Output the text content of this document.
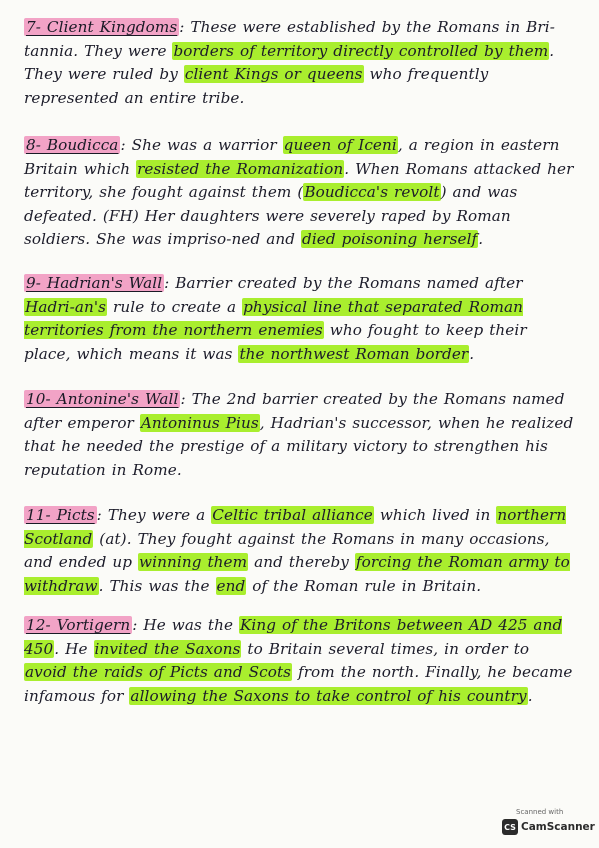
7- Client Kingdoms : These were established by the Romans in Bri-tannia. They were borders of territory directly controlled by them. They were ruled by client Kings or queens who frequently represented an entire tribe.
8- Boudicca : She was a warrior queen of Iceni, a region in eastern Britain which resisted the Romanization. When Romans attacked her territory, she fought against them (Boudicca's revolt) and was defeated. (FH) Her daughters were severely raped by Roman soldiers. She was impriso-ned and died poisoning herself.
9- Hadrian's Wall : Barrier created by the Romans named after Hadri-an's rule to create a physical line that separated Roman territories from the northern enemies who fought to keep their place, which means it was the northwest Roman border.
10- Antonine's Wall : The 2nd barrier created by the Romans named after emperor Antoninus Pius, Hadrian's successor, when he realized that he needed the prestige of a military victory to strengthen his reputation in Rome.
11- Picts : They were a Celtic tribal alliance which lived in northern Scotland (at). They fought against the Romans in many occasions, and ended up winning them and thereby forcing the Roman army to withdraw. This was the end of the Roman rule in Britain.
12- Vortigern : He was the King of the Britons between AD 425 and 450. He invited the Saxons to Britain several times, in order to avoid the raids of Picts and Scots from the north. Finally, he became infamous for allowing the Saxons to take control of his country.
Scanned with
CS CamScanner
